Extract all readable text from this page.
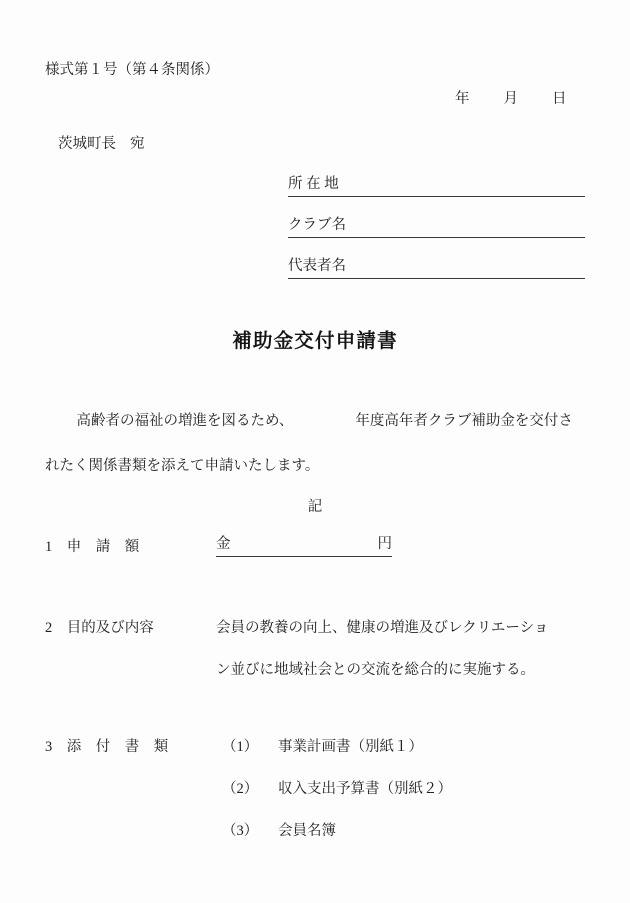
様式第１号（第４条関係）
年 月 日
茨城町長 宛
所 在 地
クラブ名
代表者名
補助金交付申請書
　高齢者の福祉の増進を図るため、	年度高年者クラブ補助金を交付さ
れたく関係書類を添えて申請いたします。
記
1　申　請　額	金	円
2　目的及び内容	会員の教養の向上、健康の増進及びレクリエーショ
ン並びに地域社会との交流を総合的に実施する。
3　添　付　書　類	（1） 事業計画書（別紙１）
（2） 収入支出予算書（別紙２）
（3） 会員名簿
